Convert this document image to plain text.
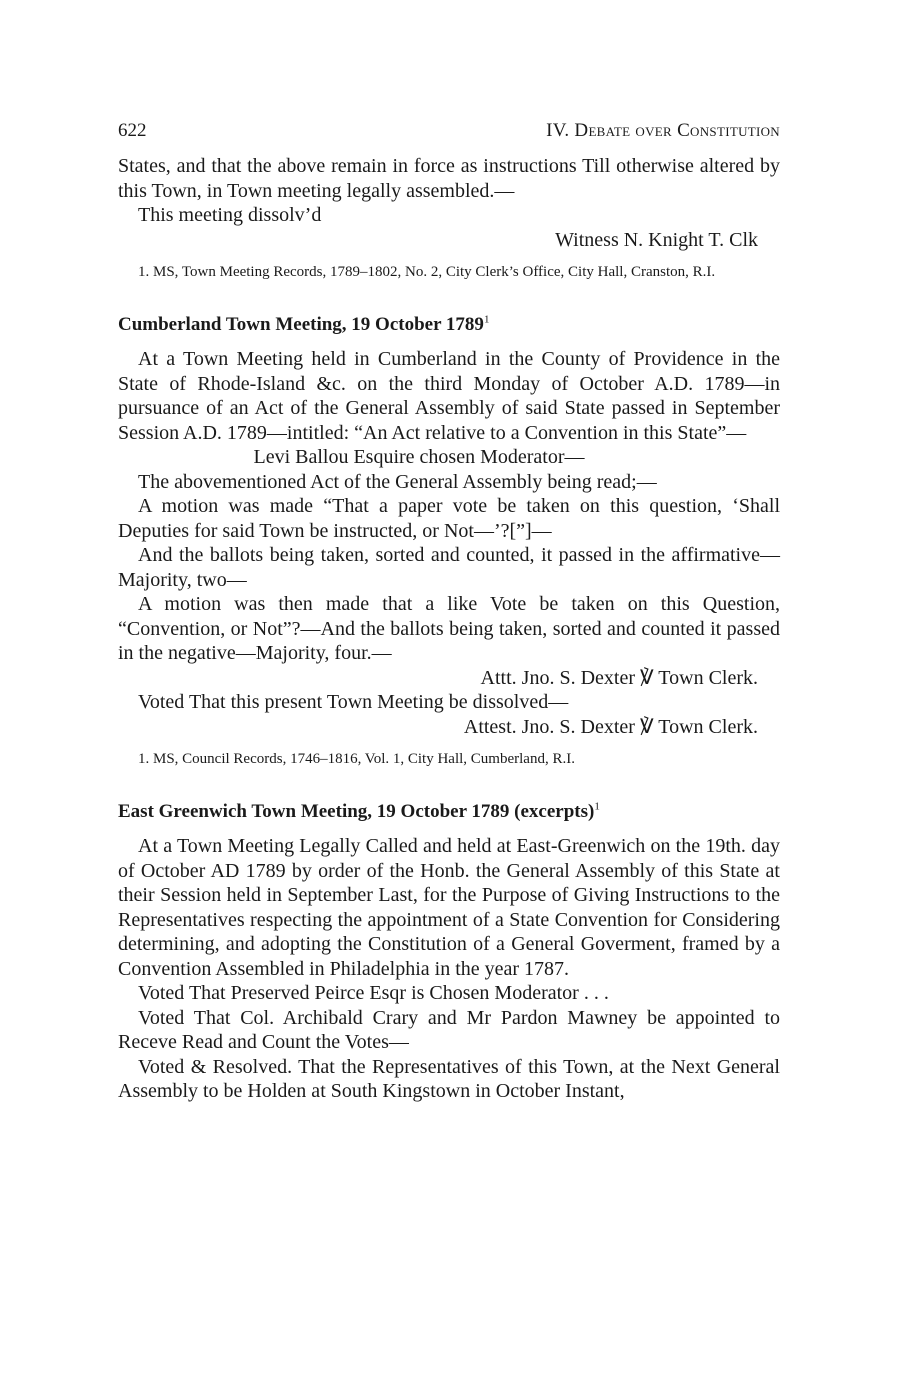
622	IV. Debate over Constitution

States, and that the above remain in force as instructions Till otherwise altered by this Town, in Town meeting legally assembled.—

This meeting dissolv’d

Witness N. Knight T. Clk

1. MS, Town Meeting Records, 1789–1802, No. 2, City Clerk’s Office, City Hall, Cranston, R.I.
Cumberland Town Meeting, 19 October 1789$^1$

At a Town Meeting held in Cumberland in the County of Providence in the State of Rhode-Island &c. on the third Monday of October A.D. 1789—in pursuance of an Act of the General Assembly of said State passed in September Session A.D. 1789—intitled: “An Act relative to a Convention in this State”—

Levi Ballou Esquire chosen Moderator—

The abovementioned Act of the General Assembly being read;—

A motion was made “That a paper vote be taken on this question, ‘Shall Deputies for said Town be instructed, or Not—’?[”]—

And the ballots being taken, sorted and counted, it passed in the affirmative—Majority, two—

A motion was then made that a like Vote be taken on this Question, “Convention, or Not”?—And the ballots being taken, sorted and counted it passed in the negative—Majority, four.—

Attt. Jno. S. Dexter ℣ Town Clerk.

Voted That this present Town Meeting be dissolved—

Attest. Jno. S. Dexter ℣ Town Clerk.

1. MS, Council Records, 1746–1816, Vol. 1, City Hall, Cumberland, R.I.
East Greenwich Town Meeting, 19 October 1789 (excerpts)$^1$

At a Town Meeting Legally Called and held at East-Greenwich on the 19th. day of October AD 1789 by order of the Honb. the General Assembly of this State at their Session held in September Last, for the Purpose of Giving Instructions to the Representatives respecting the appointment of a State Convention for Considering determining, and adopting the Constitution of a General Goverment, framed by a Convention Assembled in Philadelphia in the year 1787.

Voted That Preserved Peirce Esqr is Chosen Moderator . . .

Voted That Col. Archibald Crary and Mr Pardon Mawney be appointed to Receve Read and Count the Votes—

Voted & Resolved. That the Representatives of this Town, at the Next General Assembly to be Holden at South Kingstown in October Instant,
